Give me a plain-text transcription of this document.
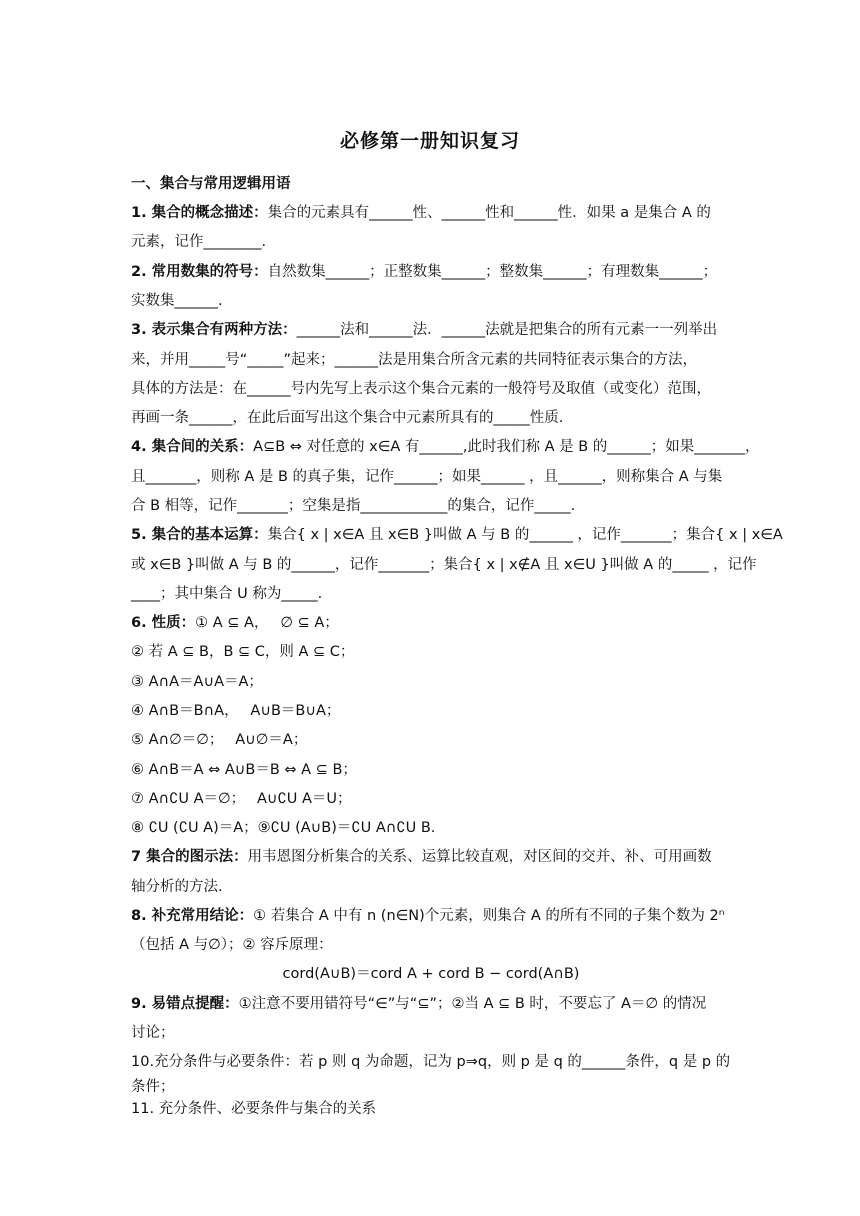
必修第一册知识复习
一、集合与常用逻辑用语
1. 集合的概念描述：集合的元素具有______性、______性和______性．如果 a 是集合 A 的
元素，记作________.
2. 常用数集的符号：自然数集______；正整数集______；整数集______；有理数集______；
实数集______.
3. 表示集合有两种方法：______法和______法．______法就是把集合的所有元素一一列举出
来，并用_____号“_____”起来；______法是用集合所含元素的共同特征表示集合的方法，
具体的方法是：在______号内先写上表示这个集合元素的一般符号及取值（或变化）范围，
再画一条______，在此后面写出这个集合中元素所具有的_____性质.
4. 集合间的关系：A⊆B ⇔ 对任意的 x∈A 有______,此时我们称 A 是 B 的______；如果_______，
且_______，则称 A 是 B 的真子集，记作______；如果______ ，且______，则称集合 A 与集
合 B 相等，记作_______；空集是指____________的集合，记作_____.
5. 集合的基本运算：集合{ x | x∈A 且 x∈B }叫做 A 与 B 的______ ，记作_______；集合{ x | x∈A
或 x∈B }叫做 A 与 B 的______，记作_______；集合{ x | x∉A 且 x∈U }叫做 A 的_____ ，记作
____；其中集合 U 称为_____.
6. 性质：① A ⊆ A，　 ∅ ⊆ A；
② 若 A ⊆ B，B ⊆ C，则 A ⊆ C；
③ A∩A＝A∪A＝A；
④ A∩B＝B∩A，　 A∪B＝B∪A；
⑤ A∩∅＝∅；　 A∪∅＝A；
⑥ A∩B＝A ⇔ A∪B＝B ⇔ A ⊆ B；
⑦ A∩∁U A＝∅；　 A∪∁U A＝U；
⑧ ∁U (∁U A)＝A；⑨∁U (A∪B)＝∁U A∩∁U B.
7 集合的图示法：用韦恩图分析集合的关系、运算比较直观，对区间的交并、补、可用画数
轴分析的方法.
8. 补充常用结论：① 若集合 A 中有 n (n∈N)个元素，则集合 A 的所有不同的子集个数为 2ⁿ
（包括 A 与∅）；② 容斥原理：
cord(A∪B)＝cord A + cord B − cord(A∩B)
9. 易错点提醒：①注意不要用错符号“∈”与“⊆”；②当 A ⊆ B 时，不要忘了 A＝∅ 的情况
讨论；
10.充分条件与必要条件：若 p 则 q 为命题，记为 p⇒q，则 p 是 q 的______条件，q 是 p 的
条件；
11. 充分条件、必要条件与集合的关系
